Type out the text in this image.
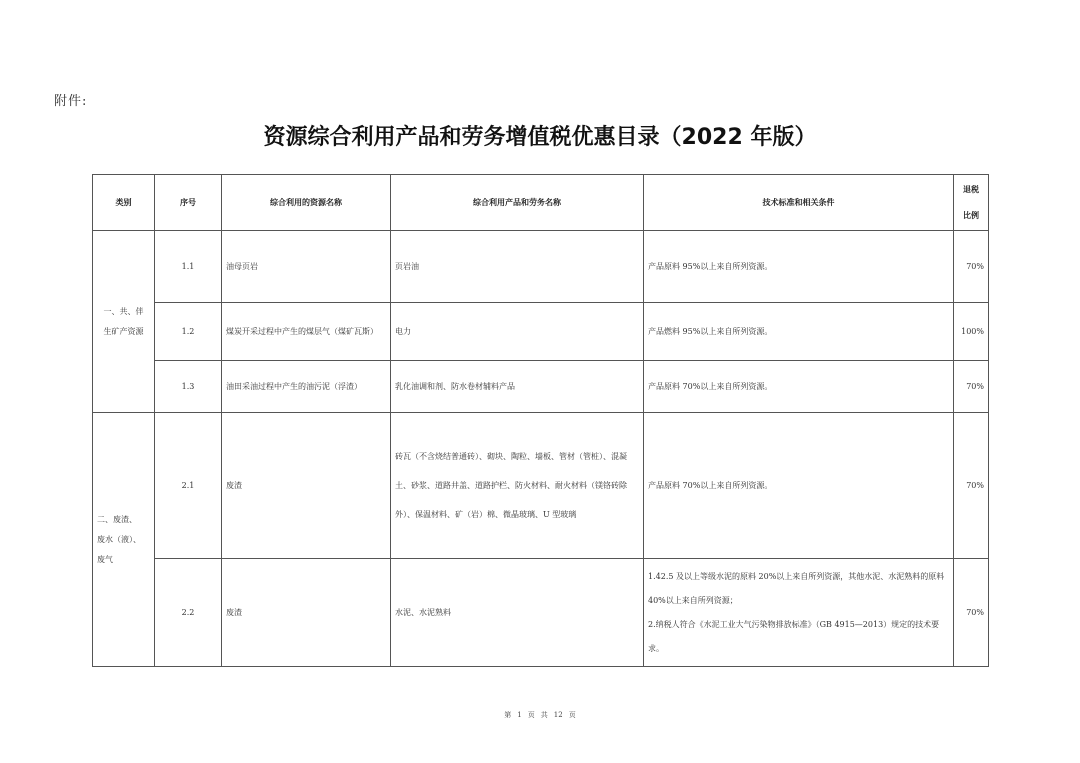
附件:
资源综合利用产品和劳务增值税优惠目录（2022 年版）
类别	序号	综合利用的资源名称	综合利用产品和劳务名称	技术标准和相关条件	退税
比例
一、共、伴
生矿产资源	1.1	油母页岩	页岩油	产品原料 95%以上来自所列资源。	70%
	1.2	煤炭开采过程中产生的煤层气（煤矿瓦斯）	电力	产品燃料 95%以上来自所列资源。	100%
	1.3	油田采油过程中产生的油污泥（浮渣）	乳化油调和剂、防水卷材辅料产品	产品原料 70%以上来自所列资源。	70%
二、废渣、
废水（液）、
废气	2.1	废渣	砖瓦（不含烧结普通砖）、砌块、陶粒、墙板、管材（管桩）、混凝土、砂浆、道路井盖、道路护栏、防火材料、耐火材料（镁铬砖除外）、保温材料、矿（岩）棉、微晶玻璃、U 型玻璃	产品原料 70%以上来自所列资源。	70%
	2.2	废渣	水泥、水泥熟料	1.42.5 及以上等级水泥的原料 20%以上来自所列资源，其他水泥、水泥熟料的原料 40%以上来自所列资源；
2.纳税人符合《水泥工业大气污染物排放标准》（GB 4915—2013）规定的技术要求。	70%
第 1 页 共 12 页
